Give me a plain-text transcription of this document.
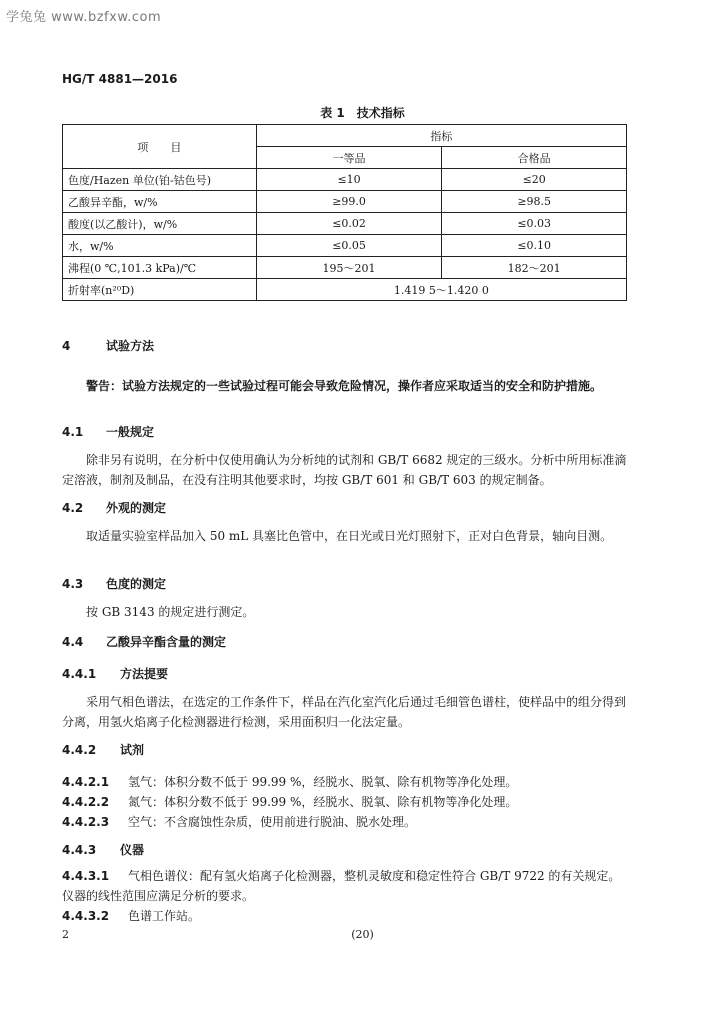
学兔兔 www.bzfxw.com
HG/T 4881—2016
表 1　技术指标
项　　目	指标	
	一等品	合格品
色度/Hazen 单位(铂-钴色号)	≤10	≤20
乙酸异辛酯，w/%	≥99.0	≥98.5
酸度(以乙酸计)，w/%	≤0.02	≤0.03
水，w/%	≤0.05	≤0.10
沸程(0 ℃,101.3 kPa)/℃	195～201	182～201
折射率(n²⁰D)	1.419 5～1.420 0	
4	试验方法
警告：试验方法规定的一些试验过程可能会导致危险情况，操作者应采取适当的安全和防护措施。
4.1 一般规定
除非另有说明，在分析中仅使用确认为分析纯的试剂和 GB/T 6682 规定的三级水。分析中所用标准滴定溶液，制剂及制品，在没有注明其他要求时，均按 GB/T 601 和 GB/T 603 的规定制备。
4.2 外观的测定
取适量实验室样品加入 50 mL 具塞比色管中，在日光或日光灯照射下，正对白色背景，轴向目测。
4.3 色度的测定
按 GB 3143 的规定进行测定。
4.4 乙酸异辛酯含量的测定
4.4.1 方法提要
采用气相色谱法，在选定的工作条件下，样品在汽化室汽化后通过毛细管色谱柱，使样品中的组分得到分离，用氢火焰离子化检测器进行检测，采用面积归一化法定量。
4.4.2 试剂
4.4.2.1 氢气：体积分数不低于 99.99 %，经脱水、脱氧、除有机物等净化处理。
4.4.2.2 氮气：体积分数不低于 99.99 %，经脱水、脱氧、除有机物等净化处理。
4.4.2.3 空气：不含腐蚀性杂质，使用前进行脱油、脱水处理。
4.4.3 仪器
4.4.3.1 气相色谱仪：配有氢火焰离子化检测器，整机灵敏度和稳定性符合 GB/T 9722 的有关规定。仪器的线性范围应满足分析的要求。
4.4.3.2 色谱工作站。
2	(20)
